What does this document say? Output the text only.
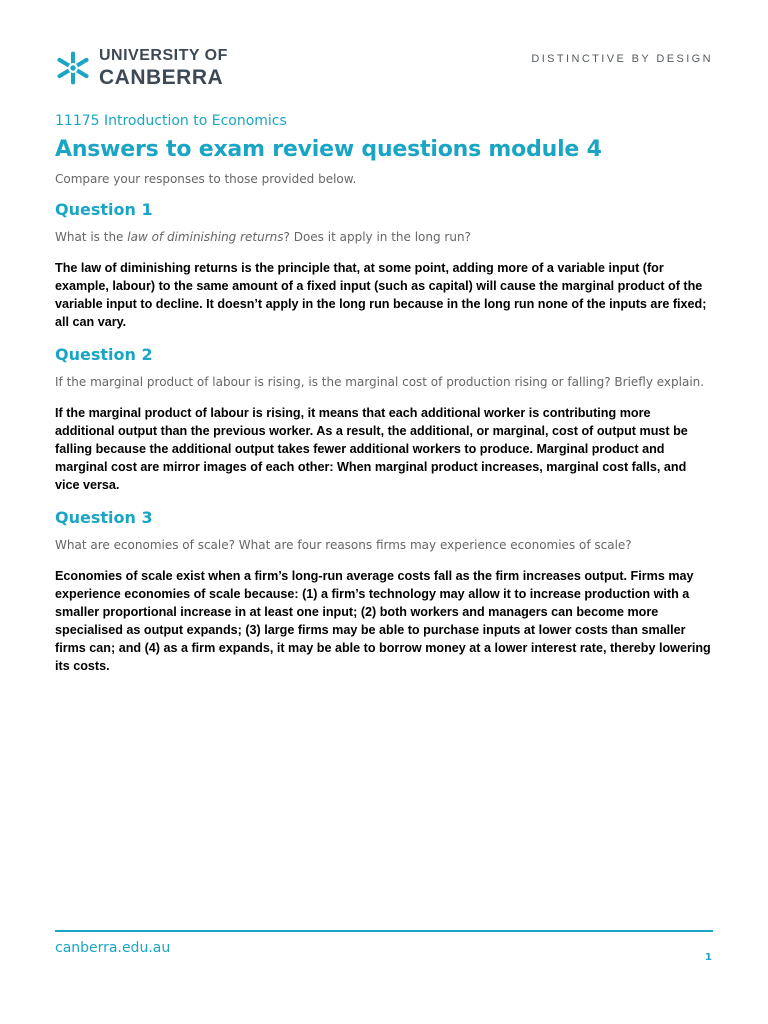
UNIVERSITY OF
CANBERRA
DISTINCTIVE BY DESIGN

11175 Introduction to Economics

Answers to exam review questions module 4

Compare your responses to those provided below.

Question 1

What is the law of diminishing returns? Does it apply in the long run?

The law of diminishing returns is the principle that, at some point, adding more of a variable input (for example, labour) to the same amount of a fixed input (such as capital) will cause the marginal product of the variable input to decline. It doesn’t apply in the long run because in the long run none of the inputs are fixed; all can vary.

Question 2

If the marginal product of labour is rising, is the marginal cost of production rising or falling? Briefly explain.

If the marginal product of labour is rising, it means that each additional worker is contributing more additional output than the previous worker. As a result, the additional, or marginal, cost of output must be falling because the additional output takes fewer additional workers to produce. Marginal product and marginal cost are mirror images of each other: When marginal product increases, marginal cost falls, and vice versa.

Question 3

What are economies of scale? What are four reasons firms may experience economies of scale?

Economies of scale exist when a firm’s long-run average costs fall as the firm increases output. Firms may experience economies of scale because: (1) a firm’s technology may allow it to increase production with a smaller proportional increase in at least one input; (2) both workers and managers can become more specialised as output expands; (3) large firms may be able to purchase inputs at lower costs than smaller firms can; and (4) as a firm expands, it may be able to borrow money at a lower interest rate, thereby lowering its costs.

canberra.edu.au
1
